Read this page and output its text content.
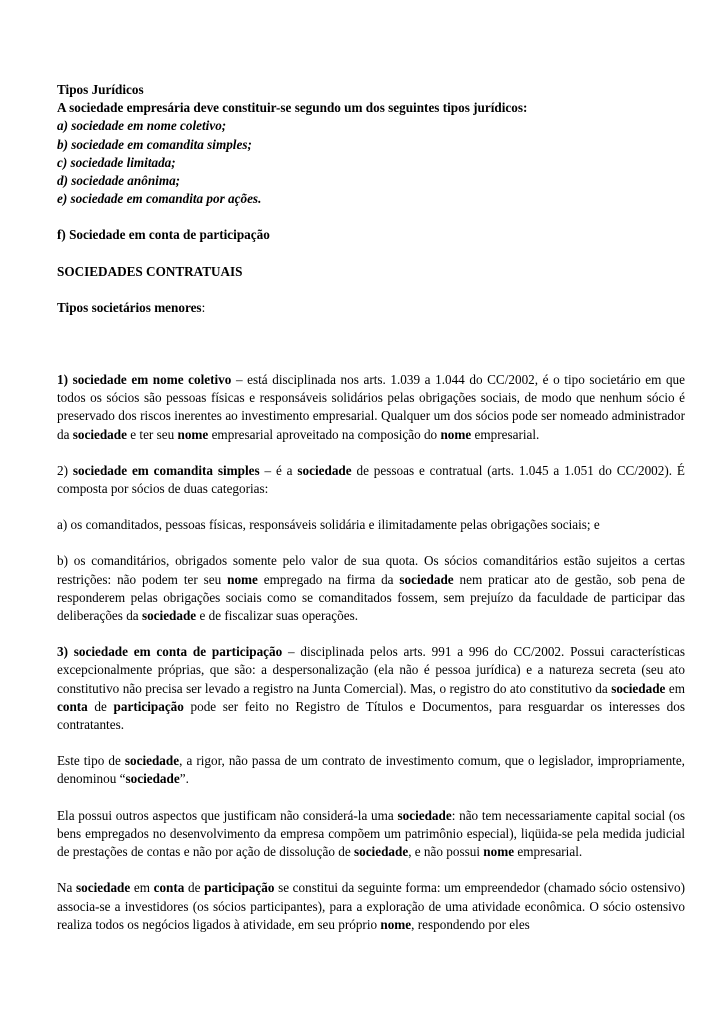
Tipos Jurídicos

A sociedade empresária deve constituir-se segundo um dos seguintes tipos jurídicos:

a) sociedade em nome coletivo;

b) sociedade em comandita simples;

c) sociedade limitada;

d) sociedade anônima;

e) sociedade em comandita por ações.

f) Sociedade em conta de participação

SOCIEDADES CONTRATUAIS

Tipos societários menores:

1) sociedade em nome coletivo – está disciplinada nos arts. 1.039 a 1.044 do CC/2002, é o tipo societário em que todos os sócios são pessoas físicas e responsáveis solidários pelas obrigações sociais, de modo que nenhum sócio é preservado dos riscos inerentes ao investimento empresarial. Qualquer um dos sócios pode ser nomeado administrador da sociedade e ter seu nome empresarial aproveitado na composição do nome empresarial.

2) sociedade em comandita simples – é a sociedade de pessoas e contratual (arts. 1.045 a 1.051 do CC/2002). É composta por sócios de duas categorias:

a) os comanditados, pessoas físicas, responsáveis solidária e ilimitadamente pelas obrigações sociais; e

b) os comanditários, obrigados somente pelo valor de sua quota. Os sócios comanditários estão sujeitos a certas restrições: não podem ter seu nome empregado na firma da sociedade nem praticar ato de gestão, sob pena de responderem pelas obrigações sociais como se comanditados fossem, sem prejuízo da faculdade de participar das deliberações da sociedade e de fiscalizar suas operações.

3) sociedade em conta de participação – disciplinada pelos arts. 991 a 996 do CC/2002. Possui características excepcionalmente próprias, que são: a despersonalização (ela não é pessoa jurídica) e a natureza secreta (seu ato constitutivo não precisa ser levado a registro na Junta Comercial). Mas, o registro do ato constitutivo da sociedade em conta de participação pode ser feito no Registro de Títulos e Documentos, para resguardar os interesses dos contratantes.

Este tipo de sociedade, a rigor, não passa de um contrato de investimento comum, que o legislador, impropriamente, denominou “sociedade”.

Ela possui outros aspectos que justificam não considerá-la uma sociedade: não tem necessariamente capital social (os bens empregados no desenvolvimento da empresa compõem um patrimônio especial), liqüida-se pela medida judicial de prestações de contas e não por ação de dissolução de sociedade, e não possui nome empresarial.

Na sociedade em conta de participação se constitui da seguinte forma: um empreendedor (chamado sócio ostensivo) associa-se a investidores (os sócios participantes), para a exploração de uma atividade econômica. O sócio ostensivo realiza todos os negócios ligados à atividade, em seu próprio nome, respondendo por eles
